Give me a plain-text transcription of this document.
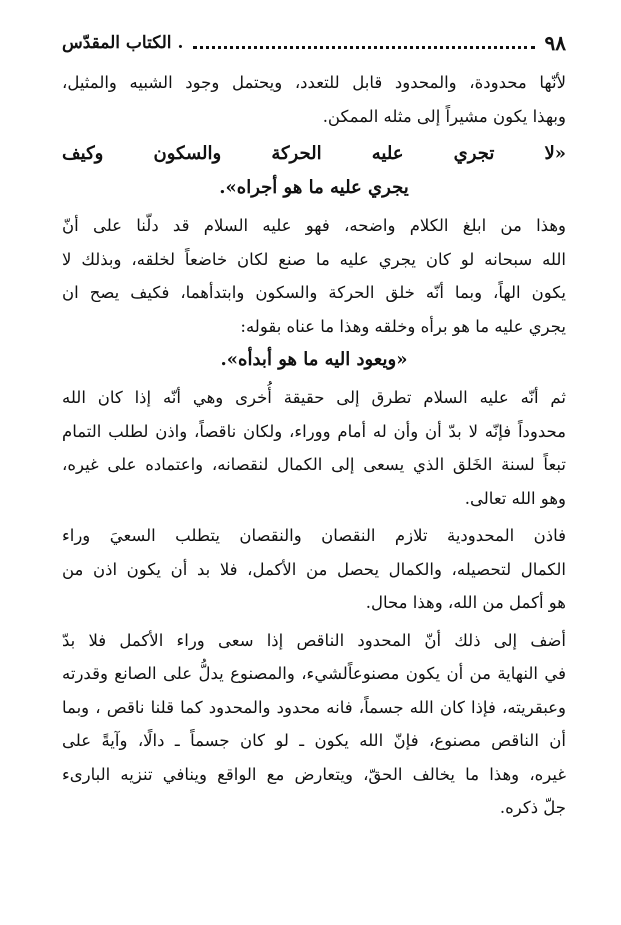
٩٨
. الكتاب المقدّس
لأنّها محدودة، والمحدود قابل للتعدد، ويحتمل وجود الشبيه والمثيل،
وبهذا يكون مشيراً إلى مثله الممكن.
«لا تجري عليه الحركة والسكون وكيف
يجري عليه ما هو أجراه».
وهذا من ابلغ الكلام واضحه، فهو عليه السلام قد دلّنا على أنّ
الله سبحانه لو كان يجري عليه ما صنع لكان خاضعاً لخلقه، وبذلك لا
يكون الهاً، وبما أنّه خلق الحركة والسكون وابتدأهما، فكيف يصح ان
يجري عليه ما هو برأه وخلقه وهذا ما عناه بقوله:
«ويعود اليه ما هو أبدأه».
ثم أنّه عليه السلام تطرق إلى حقيقة أُخرى وهي أنّه إذا كان الله
محدوداً فإنّه لا بدّ أن وأن له أمام ووراء، ولكان ناقصاً، واذن لطلب التمام
تبعاً لسنة الخَلق الذي يسعى إلى الكمال لنقصانه، واعتماده على غيره،
وهو الله تعالى.
فاذن المحدودية تلازم النقصان والنقصان يتطلب السعيَ وراء
الكمال لتحصيله، والكمال يحصل من الأكمل، فلا بد أن يكون اذن من
هو أكمل من الله، وهذا محال.
أضف إلى ذلك أنّ المحدود الناقص إذا سعى وراء الأكمل فلا بدّ
في النهاية من أن يكون مصنوعاًلشيء، والمصنوع يدلُّ على الصانع وقدرته
وعبقريته، فإذا كان الله جسماً، فانه محدود والمحدود كما قلنا ناقص ، وبما
أن الناقص مصنوع، فإنّ الله يكون ـ لو كان جسماً ـ دالًا، وآيةً على
غيره، وهذا ما يخالف الحقّ، ويتعارض مع الواقع وينافي تنزيه البارىء
جلّ ذكره.
